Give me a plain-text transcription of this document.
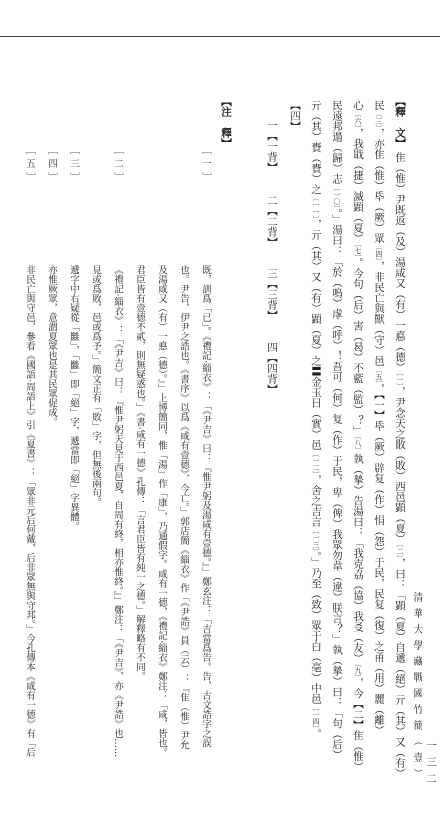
一三二
清華大學藏戰國竹簡（壹）
【釋　文】
隹（惟）尹既返（及）湯咸又（有）一悳（德）〔一〕，尹念天之贁（敗）西邑顕（夏）〔二〕，曰：「顕（夏）自遞（絕）亓（其）又（有）
民〔三〕，亦隹（惟）氒（厥）眾〔四〕，非民亡與獸（守）邑〔五〕，【一】氒（厥）辟复（作）悁（怨）于民，民复（復）之甬（用）麗（離）
心〔六〕，我戢（捷）滅顕（夏）〔七〕。今句（后）害（曷）不藍（監）？」〔八〕執（摯）告湯曰：「我克劦（協）我㕛（友）〔九〕，今【二】隹（惟）
民遠邦遢（歸）志〔一〇〕。」湯曰：「於（嗚）虖（呼）！吾可（何）复（作）于民，卑（俾）我眾勿韋（違）朕言？」執（摯）曰：「句（后）
亓（其）賚（賚）之〔一一〕，亓（其）又（有）顕（夏）之〓金玉日（實）邑〔一二〕，舍之吉言〔一三〕。」乃至（致）眾于白（亳）中邑〔一四〕。
【四】
一【一背】
二【二背】
三【三背】
四【四背】
【注　釋】
［一］
既，訓爲「已」。《禮記·緇衣》：「《尹吉》曰：『惟尹躬及湯咸有壹德。』」鄭玄注：「吉當爲告。告，古文誥字之誤
也。尹告，伊尹之誥也。《書序》以爲《咸有壹德》，今亡。」郭店簡《緇衣》作「《尹誥》員（云）：『隹（惟）尹允
及湯咸又（有）一悳（德）。』」上博簡同，惟「湯」作「康」，乃通假字。咸有一德，《禮記·緇衣》鄭注：「咸，皆也。
君臣皆有壹德不貳，則無疑惑也。」《書·咸有一德》孔傳：「言君臣皆有純一之德。」解釋略有不同。
［二］
《禮記·緇衣》：「《尹吉》曰：『惟尹躬天見于西邑夏，自周有終，相亦惟終。』」鄭注：「《尹吉》，亦《尹誥》也……
見或爲敗，邑或爲予。」簡文正有「敗」字，但無後兩句。
［三］
遞字中右疑從「㡭」，「㡭」即「絕」字，遞當即「絕」字異體。
［四］
亦惟厥眾，意謂夏眾也是其民眾促成。
［五］
非民亡與守邑，參看《國語·周語上》引《夏書》：「眾非元后何戴，后非眾無與守邦。」今孔傳本《咸有一德》有「后
